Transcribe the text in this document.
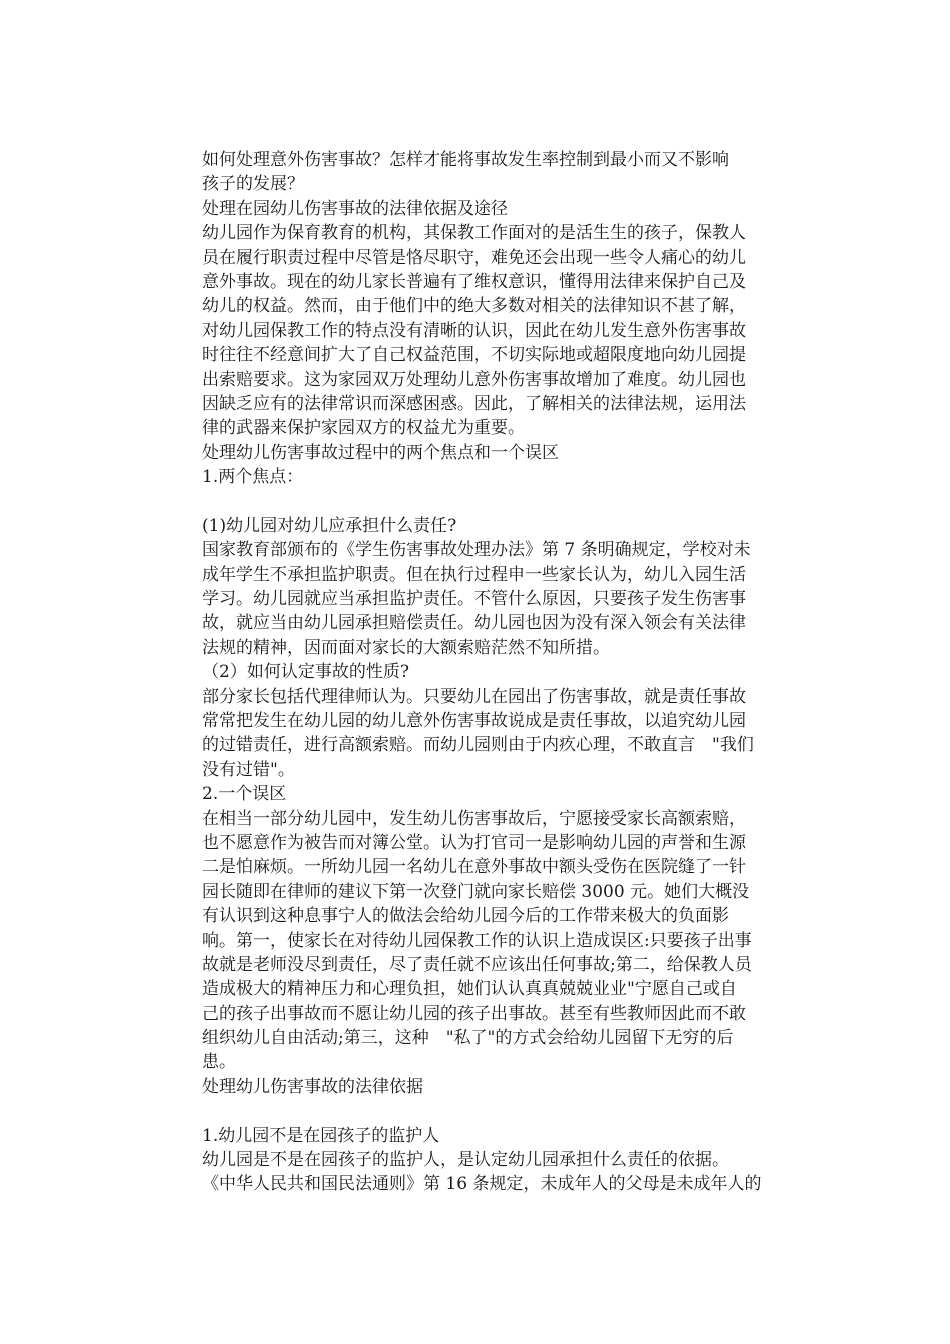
如何处理意外伤害事故？怎样才能将事故发生率控制到最小而又不影响
孩子的发展？
处理在园幼儿伤害事故的法律依据及途径
幼儿园作为保育教育的机构，其保教工作面对的是活生生的孩子，保教人
员在履行职责过程中尽管是恪尽职守，难免还会出现一些令人痛心的幼儿
意外事故。现在的幼儿家长普遍有了维权意识，懂得用法律来保护自己及
幼儿的权益。然而，由于他们中的绝大多数对相关的法律知识不甚了解，
对幼儿园保教工作的特点没有清晰的认识，因此在幼儿发生意外伤害事故
时往往不经意间扩大了自己权益范围，不切实际地或超限度地向幼儿园提
出索赔要求。这为家园双万处理幼儿意外伤害事故增加了难度。幼儿园也
因缺乏应有的法律常识而深感困惑。因此，了解相关的法律法规，运用法
律的武器来保护家园双方的权益尤为重要。
处理幼儿伤害事故过程中的两个焦点和一个误区
1.两个焦点：
(1)幼儿园对幼儿应承担什么责任?
国家教育部颁布的《学生伤害事故处理办法》第 7 条明确规定，学校对未
成年学生不承担监护职责。但在执行过程申一些家长认为，幼儿入园生活
学习。幼儿园就应当承担监护责任。不管什么原因，只要孩子发生伤害事
故，就应当由幼儿园承担赔偿责任。幼儿园也因为没有深入领会有关法律
法规的精神，因而面对家长的大额索赔茫然不知所措。
（2）如何认定事故的性质?
部分家长包括代理律师认为。只要幼儿在园出了伤害事故，就是责任事故
常常把发生在幼儿园的幼儿意外伤害事故说成是责任事故，以追究幼儿园
的过错责任，进行高额索赔。而幼儿园则由于内疚心理，不敢直言　"我们
没有过错"。
2.一个误区
在相当一部分幼儿园中，发生幼儿伤害事故后，宁愿接受家长高额索赔，
也不愿意作为被告而对簿公堂。认为打官司一是影响幼儿园的声誉和生源
二是怕麻烦。一所幼儿园一名幼儿在意外事故中额头受伤在医院缝了一针
园长随即在律师的建议下第一次登门就向家长赔偿 3000 元。她们大概没
有认识到这种息事宁人的做法会给幼儿园今后的工作带来极大的负面影
响。第一，使家长在对待幼儿园保教工作的认识上造成误区:只要孩子出事
故就是老师没尽到责任，尽了责任就不应该出任何事故;第二，给保教人员
造成极大的精神压力和心理负担，她们认认真真兢兢业业"宁愿自己或自
己的孩子出事故而不愿让幼儿园的孩子出事故。甚至有些教师因此而不敢
组织幼儿自由活动;第三，这种　"私了"的方式会给幼儿园留下无穷的后
患。
处理幼儿伤害事故的法律依据
1.幼儿园不是在园孩子的监护人
幼儿园是不是在园孩子的监护人，是认定幼儿园承担什么责任的依据。
《中华人民共和国民法通则》第 16 条规定，未成年人的父母是未成年人的
